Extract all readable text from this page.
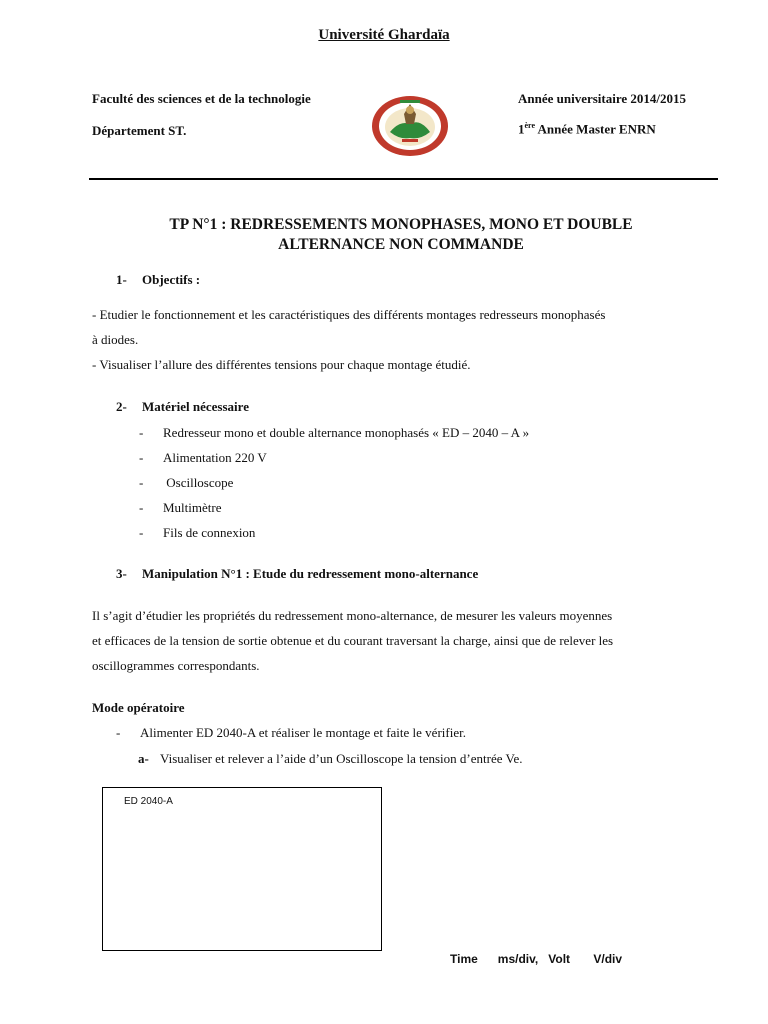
Université Ghardaïa
Faculté des sciences et de la technologie
Département ST.
Année universitaire 2014/2015
1ère Année Master ENRN
TP N°1 : REDRESSEMENTS MONOPHASES, MONO ET DOUBLE
ALTERNANCE NON COMMANDE
1- Objectifs :
- Etudier le fonctionnement et les caractéristiques des différents montages redresseurs monophasés
à diodes.
- Visualiser l’allure des différentes tensions pour chaque montage étudié.
2- Matériel nécessaire
- Redresseur mono et double alternance monophasés « ED – 2040 – A »
- Alimentation 220 V
- Oscilloscope
- Multimètre
- Fils de connexion
3- Manipulation N°1 : Etude du redressement mono-alternance
Il s’agit d’étudier les propriétés du redressement mono-alternance, de mesurer les valeurs moyennes
et efficaces de la tension de sortie obtenue et du courant traversant la charge, ainsi que de relever les
oscillogrammes correspondants.
Mode opératoire
- Alimenter ED 2040-A et réaliser le montage et faite le vérifier.
a- Visualiser et relever a l’aide d’un Oscilloscope la tension d’entrée Ve.
ED 2040-A
Time      ms/div,   Volt       V/div
